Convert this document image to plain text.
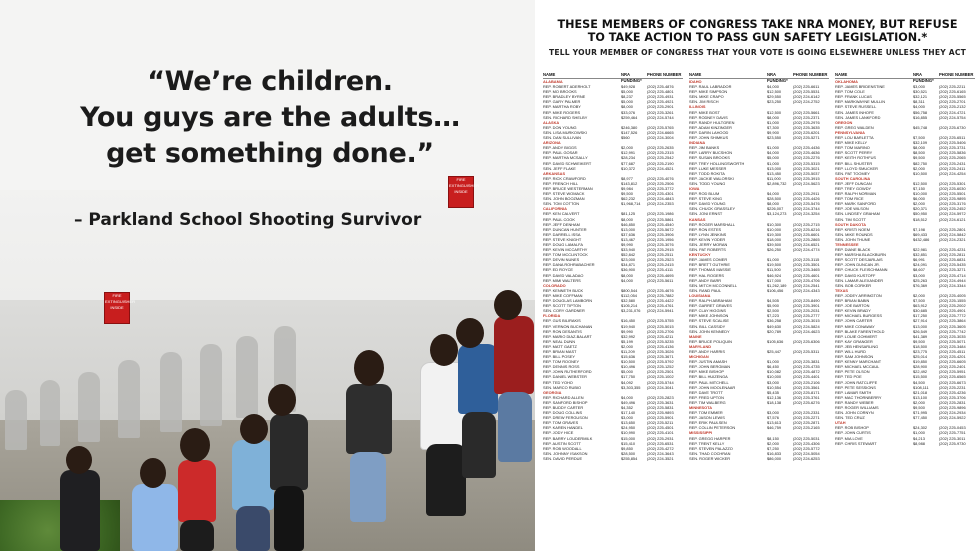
FIRE EXTINGUISHER INSIDE
FIRE EXTINGUISHER INSIDE
“We’re children.
You guys are the adults…
get something done.”
– Parkland School Shooting Survivor
THESE MEMBERS OF CONGRESS TAKE NRA MONEY, BUT REFUSE
TO TAKE ACTION TO PASS GUN SAFETY LEGISLATION.*
TELL YOUR MEMBER OF CONGRESS THAT YOUR VOTE IS GOING ELSEWHERE UNLESS THEY ACT
NAME	NRA FUNDING*
PHONE NUMBER
ALABAMA
REP. ROBERT ADERHOLT	$49,928	(202) 225-4876
REP. MO BROOKS	$5,000	(202) 225-4801
REP. BRADLEY BYRNE	$8,237	(202) 225-4931
REP. GARY PALMER	$5,000	(202) 225-4921
REP. MARTHA ROBY	$8,000	(202) 225-2901
REP. MIKE ROGERS	$33,076	(202) 225-3261
SEN. RICHARD SHELBY	$259,464	(202) 224-5744
ALASKA
REP. DON YOUNG	$246,380	(202) 225-5765
SEN. LISA MURKOWSKI	$147,526	(202) 224-6665
SEN. DAN SULLIVAN	$560	(202) 224-3004
ARIZONA
REP. ANDY BIGGS	$2,000	(202) 225-2635
REP. PAUL GOSAR	$12,991	(202) 225-2315
REP. MARTHA MCSALLY	$28,234	(202) 225-2542
REP. DAVID SCHWEIKERT	$77,687	(202) 225-2190
SEN. JEFF FLAKE	$10,372	(202) 224-4521
ARKANSAS
REP. RICK CRAWFORD	$8,977	(202) 225-4076
REP. FRENCH HILL	$143,812	(202) 225-2506
REP. BRUCE WESTERMAN	$9,984	(202) 225-3772
REP. STEVE WOMACK	$9,500	(202) 225-4301
SEN. JOHN BOOZMAN	$62,232	(202) 224-4843
SEN. TOM COTTON	$1,968,714	(202) 224-2353
CALIFORNIA
REP. KEN CALVERT	$81,125	(202) 225-1986
REP. PAUL COOK	$8,000	(202) 225-5861
REP. JEFF DENHAM	$46,850	(202) 225-4540
REP. DUNCAN HUNTER	$13,000	(202) 225-5672
REP. DARRELL ISSA	$37,636	(202) 225-3906
REP. STEVE KNIGHT	$13,467	(202) 225-1956
REP. DOUG LAMALFA	$9,990	(202) 225-3076
REP. KEVIN MCCARTHY	$33,940	(202) 225-2915
REP. TOM MCCLINTOCK	$52,842	(202) 225-2511
REP. DEVIN NUNES	$23,000	(202) 225-2523
REP. DANA ROHRABACHER	$34,871	(202) 225-2415
REP. ED ROYCE	$36,900	(202) 225-4111
REP. DAVID VALADAO	$8,000	(202) 225-4695
REP. MIMI WALTERS	$4,000	(202) 225-5611
COLORADO
REP. KENNETH BUCK	$800,544	(202) 225-4676
REP. MIKE COFFMAN	$112,054	(202) 225-7882
REP. DOUGLAS LAMBORN	$32,580	(202) 225-4422
REP. SCOTT TIPTON	$105,214	(202) 225-4761
SEN. CORY GARDNER	$3,231,076	(202) 224-5941
FLORIDA
REP. GUS BILIRAKIS	$16,450	(202) 225-5755
REP. VERNON BUCHANAN	$19,940	(202) 225-5015
REP. RON DESANTIS	$9,990	(202) 225-2706
REP. MARIO DIAZ-BALART	$32,992	(202) 225-4211
REP. NEAL DUNN	$5,199	(202) 225-5235
REP. MATT GAETZ	$2,000	(202) 225-4136
REP. BRIAN MAST	$11,209	(202) 225-3026
REP. BILL POSEY	$15,636	(202) 225-3671
REP. TOM ROONEY	$10,500	(202) 225-5792
REP. DENNIS ROSS	$10,496	(202) 225-1252
REP. JOHN RUTHERFORD	$5,000	(202) 225-2501
REP. DANIEL WEBSTER	$17,750	(202) 225-1002
REP. TED YOHO	$4,092	(202) 225-5744
SEN. MARCO RUBIO	$3,303,355	(202) 224-3041
GEORGIA
REP. RICHARD ALLEN	$4,000	(202) 225-2823
REP. SANFORD BISHOP	$49,496	(202) 225-3631
REP. BUDDY CARTER	$4,352	(202) 225-5831
REP. DOUG COLLINS	$17,140	(202) 225-9893
REP. DREW FERGUSON	$3,000	(202) 225-5901
REP. TOM GRAVES	$13,650	(202) 225-5211
REP. KAREN HANDEL	$24,950	(202) 225-4501
REP. JODY HICE	$10,990	(202) 225-4101
REP. BARRY LOUDERMILK	$15,000	(202) 225-2931
REP. AUSTIN SCOTT	$15,410	(202) 225-6531
REP. ROB WOODALL	$9,850	(202) 225-4272
SEN. JOHNNY ISAKSON	$28,500	(202) 224-3643
SEN. DAVID PERDUE	$255,854	(202) 224-3521
NAME	NRA FUNDING*
PHONE NUMBER
IDAHO
REP. RAUL LABRADOR	$4,000	(202) 225-6611
REP. MIKE SIMPSON	$12,500	(202) 225-5531
SEN. MIKE CRAPO	$29,550	(202) 224-6142
SEN. JIM RISCH	$23,250	(202) 224-2752
ILLINOIS
REP. MIKE BOST	$12,500	(202) 225-5661
REP. RODNEY DAVIS	$8,000	(202) 225-2371
REP. RANDY HULTGREN	$1,000	(202) 225-2976
REP. ADAM KINZINGER	$7,300	(202) 225-3635
REP. DARIN LAHOOD	$9,900	(202) 225-6201
REP. JOHN SHIMKUS	$23,550	(202) 225-5271
INDIANA
REP. JIM BANKS	$1,000	(202) 225-4436
REP. LARRY BUCSHON	$4,000	(202) 225-4636
REP. SUSAN BROOKS	$5,000	(202) 225-2276
REP. TREY HOLLINGSWORTH	$1,000	(202) 225-5315
REP. LUKE MESSER	$13,000	(202) 225-3021
REP. TODD ROKITA	$13,450	(202) 225-5037
REP. JACKIE WALORSKI	$11,000	(202) 225-3915
SEN. TODD YOUNG	$2,896,732	(202) 224-5623
IOWA
REP. ROD BLUM	$4,000	(202) 225-2911
REP. STEVE KING	$28,500	(202) 225-4426
REP. DAVID YOUNG	$8,000	(202) 225-5476
SEN. CHUCK GRASSLEY	$226,007	(202) 224-3744
SEN. JONI ERNST	$3,124,273	(202) 224-3254
KANSAS
REP. ROGER MARSHALL	$10,300	(202) 225-2715
REP. RON ESTES	$10,000	(202) 225-6216
REP. LYNN JENKINS	$19,300	(202) 225-6601
REP. KEVIN YODER	$18,000	(202) 225-2865
SEN. JERRY MORAN	$39,500	(202) 224-6521
SEN. PAT ROBERTS	$26,250	(202) 224-4774
KENTUCKY
REP. JAMES COMER	$1,000	(202) 225-3115
REP. BRETT GUTHRIE	$19,500	(202) 225-3501
REP. THOMAS MASSIE	$11,500	(202) 225-3465
REP. HAL ROGERS	$46,924	(202) 225-4601
REP. ANDY BARR	$17,000	(202) 225-4706
SEN. MITCH MCCONNELL	$1,262,189	(202) 224-2541
SEN. RAND PAUL	$106,456	(202) 224-4343
LOUISIANA
REP. RALPH ABRAHAM	$4,505	(202) 225-8490
REP. GARRET GRAVES	$5,900	(202) 225-3901
REP. CLAY HIGGINS	$2,500	(202) 225-2031
REP. MIKE JOHNSON	$7,223	(202) 225-2777
REP. STEVE SCALISE	$36,258	(202) 225-3015
SEN. BILL CASSIDY	$49,630	(202) 224-5824
SEN. JOHN KENNEDY	$20,789	(202) 224-4623
MAINE
REP. BRUCE POLIQUIN	$105,636	(202) 225-6306
MARYLAND
REP. ANDY HARRIS	$25,447	(202) 225-5311
MICHIGAN
REP. JUSTIN AMASH	$1,000	(202) 225-3831
REP. JOHN BERGMAN	$6,450	(202) 225-4735
REP. MIKE BISHOP	$10,082	(202) 225-4872
REP. BILL HUIZENGA	$10,000	(202) 225-4401
REP. PAUL MITCHELL	$3,000	(202) 225-2106
REP. JOHN MOOLENAAR	$10,554	(202) 225-3561
REP. DAVE TROTT	$5,435	(202) 225-8171
REP. FRED UPTON	$12,136	(202) 225-3761
REP. TIM WALBERG	$18,138	(202) 225-6276
MINNESOTA
REP. TOM EMMER	$3,000	(202) 225-2331
REP. JASON LEWIS	$7,576	(202) 225-2271
REP. ERIK PAULSEN	$13,613	(202) 225-2871
REP. COLLIN PETERSON	$46,759	(202) 225-2165
MISSISSIPPI
REP. GREGG HARPER	$8,150	(202) 225-5031
REP. TRENT KELLY	$2,000	(202) 225-4306
REP. STEVEN PALAZZO	$7,250	(202) 225-5772
SEN. THAD COCHRAN	$16,833	(202) 224-5054
SEN. ROGER WICKER	$86,000	(202) 224-6253
NAME	NRA FUNDING*
PHONE NUMBER
OKLAHOMA
REP. JAMES BRIDENSTINE	$3,000	(202) 225-2211
REP. TOM COLE	$30,521	(202) 225-6165
REP. FRANK LUCAS	$32,121	(202) 225-5565
REP. MARKWAYNE MULLIN	$8,311	(202) 225-2701
REP. STEVE RUSSELL	$4,000	(202) 225-2132
SEN. JAMES INHOFE	$56,758	(202) 224-4721
SEN. JAMES LANKFORD	$16,855	(202) 224-5754
OREGON
REP. GREG WALDEN	$45,748	(202) 225-6730
PENNSYLVANIA
REP. LOU BARLETTA	$7,500	(202) 225-6511
REP. MIKE KELLY	$32,109	(202) 225-5406
REP. TOM MARINO	$8,000	(202) 225-3731
REP. SCOTT PERRY	$8,500	(202) 225-5836
REP. KEITH ROTHFUS	$9,500	(202) 225-2065
REP. BILL SHUSTER	$82,750	(202) 225-2431
REP. LLOYD SMUCKER	$2,000	(202) 225-2411
SEN. PAT TOOMEY	$10,500	(202) 224-4254
SOUTH CAROLINA
REP. JEFF DUNCAN	$12,500	(202) 225-5301
REP. TREY GOWDY	$7,150	(202) 225-6030
REP. RALPH NORMAN	$10,000	(202) 225-5501
REP. TOM RICE	$6,000	(202) 225-9895
REP. MARK SANFORD	$2,000	(202) 225-3176
REP. JOE WILSON	$20,371	(202) 225-2452
SEN. LINDSEY GRAHAM	$50,950	(202) 224-5972
SEN. TIM SCOTT	$18,512	(202) 224-6121
SOUTH DAKOTA
REP. KRISTI NOEM	$7,198	(202) 225-2801
SEN. MIKE ROUNDS	$69,433	(202) 224-5842
SEN. JOHN THUNE	$432,486	(202) 224-2321
TENNESSEE
REP. DIANE BLACK	$22,981	(202) 225-4231
REP. MARSHA BLACKBURN	$32,851	(202) 225-2811
REP. SCOTT DESJARLAIS	$6,991	(202) 225-6831
REP. JOHN DUNCAN JR.	$24,091	(202) 225-5435
REP. CHUCK FLEISCHMANN	$8,607	(202) 225-3271
REP. DAVID KUSTOFF	$3,000	(202) 225-4714
SEN. LAMAR ALEXANDER	$25,263	(202) 224-4944
SEN. BOB CORKER	$76,369	(202) 224-3344
TEXAS
REP. JODEY ARRINGTON	$2,000	(202) 225-4005
REP. BRIAN BABIN	$7,500	(202) 225-1555
REP. JOE BARTON	$63,912	(202) 225-2002
REP. KEVIN BRADY	$30,685	(202) 225-4901
REP. MICHAEL BURGESS	$17,250	(202) 225-7772
REP. JOHN CARTER	$27,914	(202) 225-3864
REP. MIKE CONAWAY	$13,000	(202) 225-3605
REP. BLAKE FARENTHOLD	$26,549	(202) 225-7742
REP. LOUIE GOHMERT	$41,389	(202) 225-3035
REP. KAY GRANGER	$9,500	(202) 225-5071
REP. JEB HENSARLING	$18,500	(202) 225-3484
REP. WILL HURD	$23,775	(202) 225-4511
REP. SAM JOHNSON	$25,014	(202) 225-4201
REP. KENNY MARCHANT	$19,850	(202) 225-6605
REP. MICHAEL MCCAUL	$28,900	(202) 225-2401
REP. PETE OLSON	$22,492	(202) 225-5951
REP. TED POE	$15,500	(202) 225-6565
REP. JOHN RATCLIFFE	$4,500	(202) 225-6673
REP. PETE SESSIONS	$108,111	(202) 225-2231
REP. LAMAR SMITH	$21,018	(202) 225-4236
REP. MAC THORNBERRY	$13,100	(202) 225-3706
REP. RANDY WEBER	$2,000	(202) 225-2831
REP. ROGER WILLIAMS	$9,500	(202) 225-9896
SEN. JOHN CORNYN	$71,995	(202) 224-2934
SEN. TED CRUZ	$77,450	(202) 224-5922
UTAH
REP. ROB BISHOP	$24,302	(202) 225-0453
REP. JOHN CURTIS	$1,000	(202) 225-7751
REP. MIA LOVE	$4,213	(202) 225-3011
REP. CHRIS STEWART	$8,988	(202) 225-9730
